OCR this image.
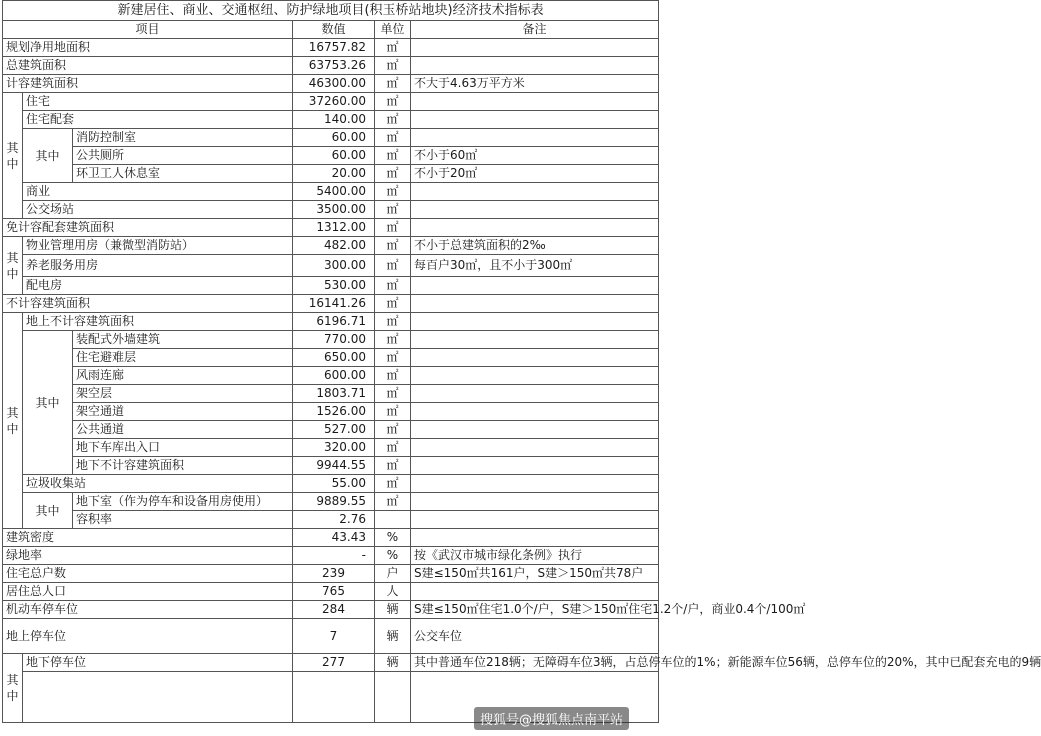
新建居住、商业、交通枢纽、防护绿地项目(积玉桥站地块)经济技术指标表					
项目			数值	单位	备注
规划净用地面积			16757.82	㎡	
总建筑面积			63753.26	㎡	
计容建筑面积			46300.00	㎡	不大于4.63万平方米
其中	住宅		37260.00	㎡	
	住宅配套		140.00	㎡	
	其中	消防控制室	60.00	㎡	
		公共厕所	60.00	㎡	不小于60㎡
		环卫工人休息室	20.00	㎡	不小于20㎡
	商业		5400.00	㎡	
	公交场站		3500.00	㎡	
免计容配套建筑面积			1312.00	㎡	
其中	物业管理用房（兼微型消防站）		482.00	㎡	不小于总建筑面积的2‰
	养老服务用房		300.00	㎡	每百户30㎡，且不小于300㎡
	配电房		530.00	㎡	
不计容建筑面积			16141.26	㎡	
其中	地上不计容建筑面积		6196.71	㎡	
	其中	装配式外墙建筑	770.00	㎡	
		住宅避难层	650.00	㎡	
		风雨连廊	600.00	㎡	
		架空层	1803.71	㎡	
		架空通道	1526.00	㎡	
		公共通道	527.00	㎡	
		地下车库出入口	320.00	㎡	
		地下不计容建筑面积	9944.55	㎡	
	垃圾收集站		55.00	㎡	
	其中	地下室（作为停车和设备用房使用）	9889.55	㎡	
		容积率	2.76		
建筑密度			43.43	%	
绿地率			-	%	按《武汉市城市绿化条例》执行
住宅总户数			239	户	S建≤150㎡共161户，S建＞150㎡共78户
居住总人口			765	人	
机动车停车位			284	辆	S建≤150㎡住宅1.0个/户，S建＞150㎡住宅1.2个/户，商业0.4个/100㎡
地上停车位			7	辆	公交车位
其中	地下停车位		277	辆	其中普通车位218辆；无障碍车位3辆，占总停车位的1%；新能源车位56辆，总停车位的20%，其中已配套充电的9辆

搜狐号@搜狐焦点南平站
